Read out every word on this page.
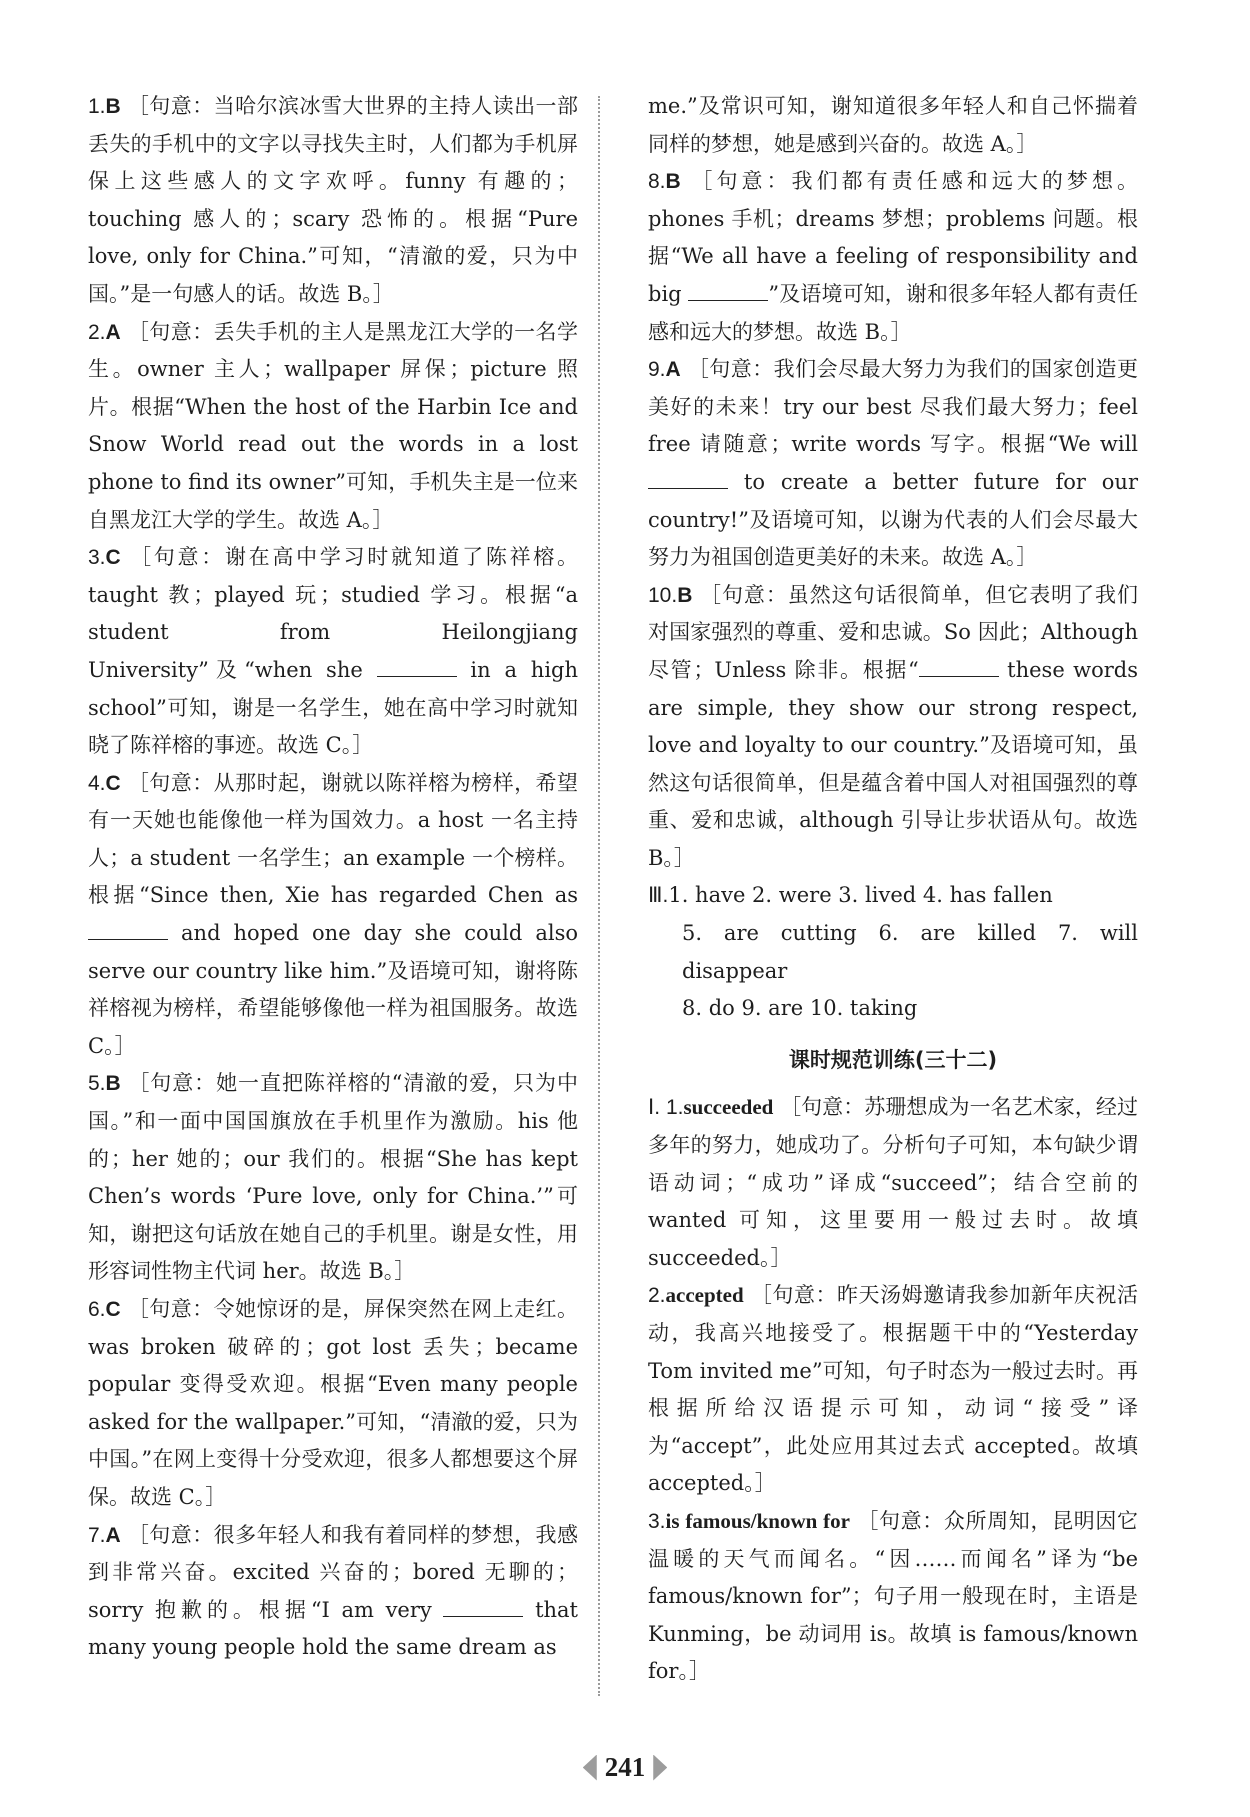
1.B ［句意：当哈尔滨冰雪大世界的主持人读出一部丢失的手机中的文字以寻找失主时，人们都为手机屏保上这些感人的文字欢呼。funny 有趣的；touching 感人的；scary 恐怖的。根据“Pure love, only for China.”可知，“清澈的爱，只为中国。”是一句感人的话。故选 B。］

2.A ［句意：丢失手机的主人是黑龙江大学的一名学生。owner 主人；wallpaper 屏保；picture 照片。根据“When the host of the Harbin Ice and Snow World read out the words in a lost phone to find its owner”可知，手机失主是一位来自黑龙江大学的学生。故选 A。］

3.C ［句意：谢在高中学习时就知道了陈祥榕。taught 教；played 玩；studied 学习。根据“a student from Heilongjiang University”及“when she	in a high school”可知，谢是一名学生，她在高中学习时就知晓了陈祥榕的事迹。故选 C。］

4.C ［句意：从那时起，谢就以陈祥榕为榜样，希望有一天她也能像他一样为国效力。a host 一名主持人；a student 一名学生；an example 一个榜样。根据“Since then, Xie has regarded Chen as  and hoped one day she could also serve our country like him.”及语境可知，谢将陈祥榕视为榜样，希望能够像他一样为祖国服务。故选 C。］

5.B ［句意：她一直把陈祥榕的“清澈的爱，只为中国。”和一面中国国旗放在手机里作为激励。his 他的；her 她的；our 我们的。根据“She has kept Chen’s words ‘Pure love, only for China.’”可知，谢把这句话放在她自己的手机里。谢是女性，用形容词性物主代词 her。故选 B。］

6.C ［句意：令她惊讶的是，屏保突然在网上走红。was broken 破碎的；got lost 丢失；became popular 变得受欢迎。根据“Even many people asked for the wallpaper.”可知，“清澈的爱，只为中国。”在网上变得十分受欢迎，很多人都想要这个屏保。故选 C。］

7.A ［句意：很多年轻人和我有着同样的梦想，我感到非常兴奋。excited 兴奋的；bored 无聊的；sorry 抱歉的。根据“I am very	that many young people hold the same dream as

me.”及常识可知，谢知道很多年轻人和自己怀揣着同样的梦想，她是感到兴奋的。故选 A。］

8.B ［句意：我们都有责任感和远大的梦想。phones 手机；dreams 梦想；problems 问题。根据“We all have a feeling of responsibility and big	”及语境可知，谢和很多年轻人都有责任感和远大的梦想。故选 B。］

9.A ［句意：我们会尽最大努力为我们的国家创造更美好的未来！try our best 尽我们最大努力；feel free 请随意；write words 写字。根据“We will  to create a better future for our country!”及语境可知，以谢为代表的人们会尽最大努力为祖国创造更美好的未来。故选 A。］

10.B ［句意：虽然这句话很简单，但它表明了我们对国家强烈的尊重、爱和忠诚。So 因此；Although 尽管；Unless 除非。根据“	these words are simple, they show our strong respect, love and loyalty to our country.”及语境可知，虽然这句话很简单，但是蕴含着中国人对祖国强烈的尊重、爱和忠诚，although 引导让步状语从句。故选 B。］

Ⅲ.1. have 2. were 3. lived 4. has fallen
5. are cutting 6. are killed 7. will disappear
8. do 9. are 10. taking
课时规范训练(三十二)

Ⅰ. 1.succeeded ［句意：苏珊想成为一名艺术家，经过多年的努力，她成功了。分析句子可知，本句缺少谓语动词；“成功”译成“succeed”；结合空前的 wanted 可知，这里要用一般过去时。故填 succeeded。］

2.accepted ［句意：昨天汤姆邀请我参加新年庆祝活动，我高兴地接受了。根据题干中的“Yesterday Tom invited me”可知，句子时态为一般过去时。再根据所给汉语提示可知，动词“接受”译为“accept”，此处应用其过去式 accepted。故填 accepted。］

3.is famous/known for ［句意：众所周知，昆明因它温暖的天气而闻名。“因……而闻名”译为“be famous/known for”；句子用一般现在时，主语是 Kunming，be 动词用 is。故填 is famous/known for。］

241
